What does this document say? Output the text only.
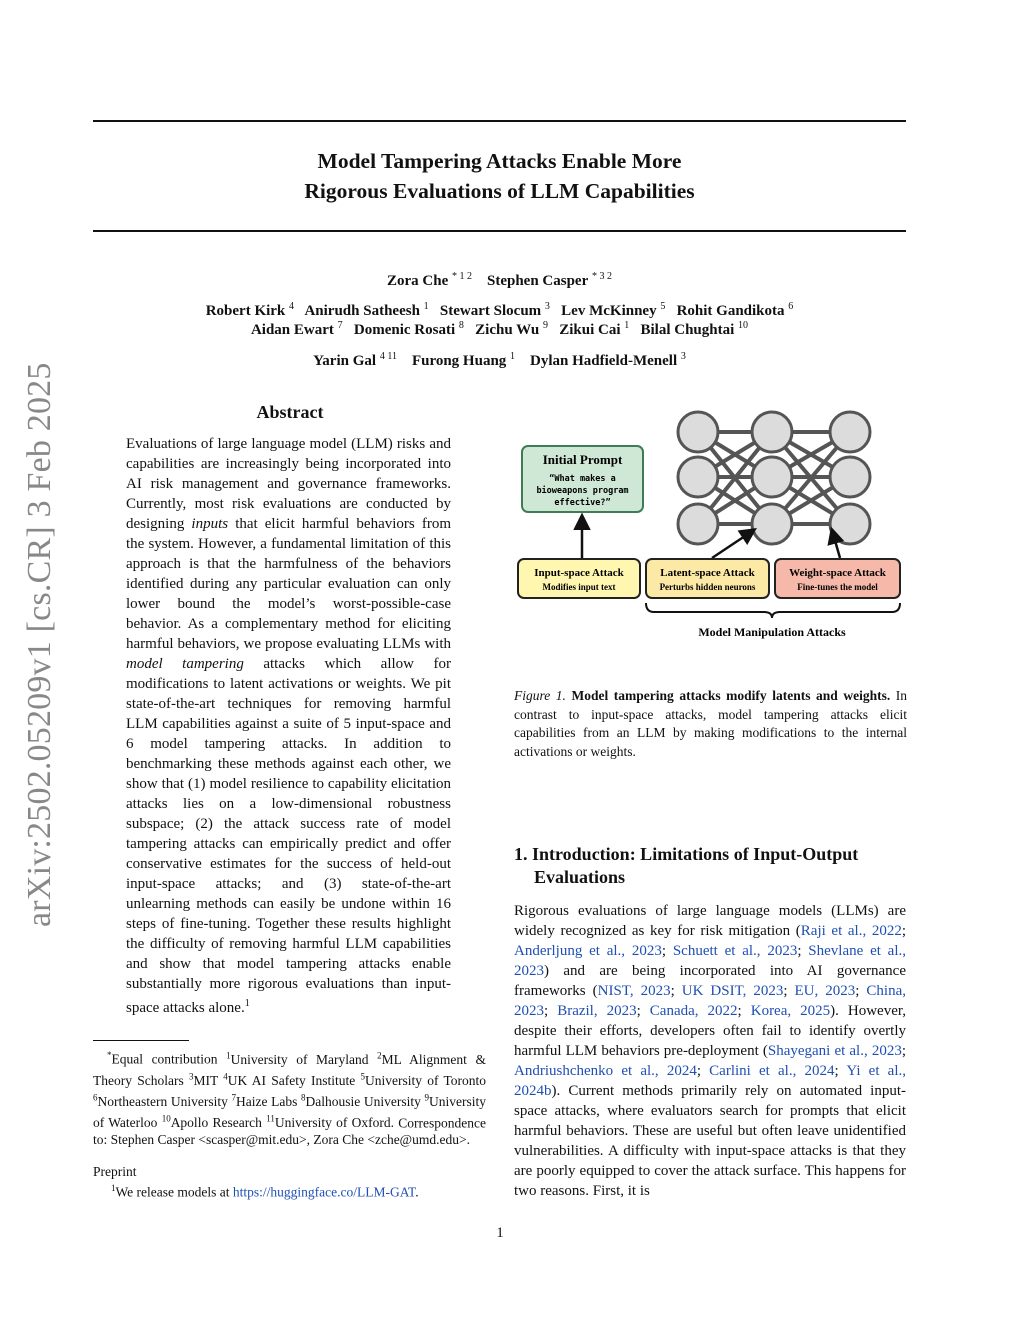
arXiv:2502.05209v1 [cs.CR] 3 Feb 2025
Model Tampering Attacks Enable More
Rigorous Evaluations of LLM Capabilities
Zora Che $^{* 1 2}$ Stephen Casper $^{* 3 2}$
Robert Kirk $^4$ Anirudh Satheesh $^1$ Stewart Slocum $^3$ Lev McKinney $^5$ Rohit Gandikota $^6$
Aidan Ewart $^7$ Domenic Rosati $^8$ Zichu Wu $^9$ Zikui Cai $^1$ Bilal Chughtai $^{10}$
Yarin Gal $^{4 11}$ Furong Huang $^1$ Dylan Hadfield-Menell $^3$
Abstract
Evaluations of large language model (LLM) risks and capabilities are increasingly being incorporated into AI risk management and governance frameworks. Currently, most risk evaluations are conducted by designing inputs that elicit harmful behaviors from the system. However, a fundamental limitation of this approach is that the harmfulness of the behaviors identified during any particular evaluation can only lower bound the model’s worst-possible-case behavior. As a complementary method for eliciting harmful behaviors, we propose evaluating LLMs with model tampering attacks which allow for modifications to latent activations or weights. We pit state-of-the-art techniques for removing harmful LLM capabilities against a suite of 5 input-space and 6 model tampering attacks. In addition to benchmarking these methods against each other, we show that (1) model resilience to capability elicitation attacks lies on a low-dimensional robustness subspace; (2) the attack success rate of model tampering attacks can empirically predict and offer conservative estimates for the success of held-out input-space attacks; and (3) state-of-the-art unlearning methods can easily be undone within 16 steps of fine-tuning. Together these results highlight the difficulty of removing harmful LLM capabilities and show that model tampering attacks enable substantially more rigorous evaluations than input-space attacks alone.$^1$
*Equal contribution $^1$University of Maryland $^2$ML Alignment & Theory Scholars $^3$MIT $^4$UK AI Safety Institute $^5$University of Toronto $^6$Northeastern University $^7$Haize Labs $^8$Dalhousie University $^9$University of Waterloo $^{10}$Apollo Research $^{11}$University of Oxford. Correspondence to: Stephen Casper <scasper@mit.edu>, Zora Che <zche@umd.edu>.
Preprint
$^1$We release models at https://huggingface.co/LLM-GAT.
Initial Prompt
“What makes a
bioweapons program
effective?”
Input-space Attack
Modifies input text
Latent-space Attack
Perturbs hidden neurons
Weight-space Attack
Fine-tunes the model
Model Manipulation Attacks
Figure 1. Model tampering attacks modify latents and weights. In contrast to input-space attacks, model tampering attacks elicit capabilities from an LLM by making modifications to the internal activations or weights.
1. Introduction: Limitations of Input-Output
Evaluations
Rigorous evaluations of large language models (LLMs) are widely recognized as key for risk mitigation (Raji et al., 2022; Anderljung et al., 2023; Schuett et al., 2023; Shevlane et al., 2023) and are being incorporated into AI governance frameworks (NIST, 2023; UK DSIT, 2023; EU, 2023; China, 2023; Brazil, 2023; Canada, 2022; Korea, 2025). However, despite their efforts, developers often fail to identify overtly harmful LLM behaviors pre-deployment (Shayegani et al., 2023; Andriushchenko et al., 2024; Carlini et al., 2024; Yi et al., 2024b). Current methods primarily rely on automated input-space attacks, where evaluators search for prompts that elicit harmful behaviors. These are useful but often leave unidentified vulnerabilities. A difficulty with input-space attacks is that they are poorly equipped to cover the attack surface. This happens for two reasons. First, it is
1
